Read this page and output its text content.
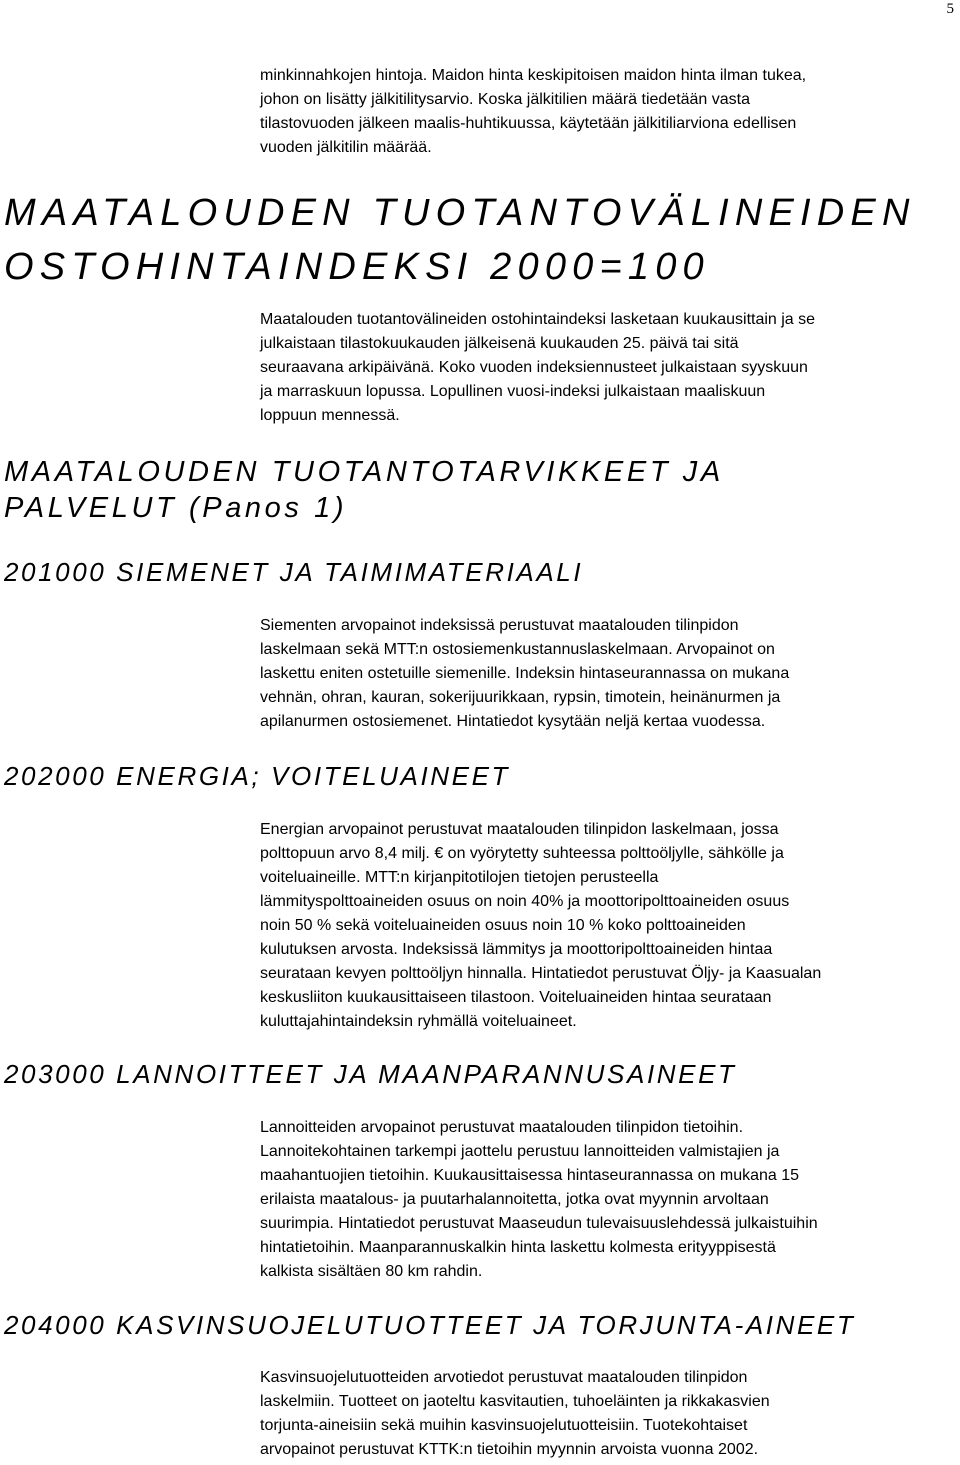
5

minkinnahkojen hintoja. Maidon hinta keskipitoisen maidon hinta ilman tukea,
johon on lisätty jälkitilitysarvio. Koska jälkitilien määrä tiedetään vasta
tilastovuoden jälkeen maalis-huhtikuussa, käytetään jälkitiliarviona edellisen
vuoden jälkitilin määrää.

MAATALOUDEN TUOTANTOVÄLINEIDEN
OSTOHINTAINDEKSI 2000=100

Maatalouden tuotantovälineiden ostohintaindeksi lasketaan kuukausittain ja se
julkaistaan tilastokuukauden jälkeisenä kuukauden 25. päivä tai sitä
seuraavana arkipäivänä. Koko vuoden indeksiennusteet julkaistaan syyskuun
ja marraskuun lopussa. Lopullinen vuosi-indeksi julkaistaan maaliskuun
loppuun mennessä.

MAATALOUDEN TUOTANTOTARVIKKEET JA
PALVELUT (Panos 1)
201000 SIEMENET JA TAIMIMATERIAALI

Siementen arvopainot indeksissä perustuvat maatalouden tilinpidon
laskelmaan sekä MTT:n ostosiemenkustannuslaskelmaan. Arvopainot on
laskettu eniten ostetuille siemenille. Indeksin hintaseurannassa on mukana
vehnän, ohran, kauran, sokerijuurikkaan, rypsin, timotein, heinänurmen ja
apilanurmen ostosiemenet. Hintatiedot kysytään neljä kertaa vuodessa.

202000 ENERGIA; VOITELUAINEET

Energian arvopainot perustuvat maatalouden tilinpidon laskelmaan, jossa
polttopuun arvo 8,4 milj. € on vyörytetty suhteessa polttoöljylle, sähkölle ja
voiteluaineille. MTT:n kirjanpitotilojen tietojen perusteella
lämmityspolttoaineiden osuus on noin 40% ja moottoripolttoaineiden osuus
noin 50 % sekä voiteluaineiden osuus noin 10 % koko polttoaineiden
kulutuksen arvosta. Indeksissä lämmitys ja moottoripolttoaineiden hintaa
seurataan kevyen polttoöljyn hinnalla. Hintatiedot perustuvat Öljy- ja Kaasualan
keskusliiton kuukausittaiseen tilastoon. Voiteluaineiden hintaa seurataan
kuluttajahintaindeksin ryhmällä voiteluaineet.

203000 LANNOITTEET JA MAANPARANNUSAINEET

Lannoitteiden arvopainot perustuvat maatalouden tilinpidon tietoihin.
Lannoitekohtainen tarkempi jaottelu perustuu lannoitteiden valmistajien ja
maahantuojien tietoihin. Kuukausittaisessa hintaseurannassa on mukana 15
erilaista maatalous- ja puutarhalannoitetta, jotka ovat myynnin arvoltaan
suurimpia. Hintatiedot perustuvat Maaseudun tulevaisuuslehdessä julkaistuihin
hintatietoihin. Maanparannuskalkin hinta laskettu kolmesta erityyppisestä
kalkista sisältäen 80 km rahdin.

204000 KASVINSUOJELUTUOTTEET JA TORJUNTA-AINEET

Kasvinsuojelutuotteiden arvotiedot perustuvat maatalouden tilinpidon
laskelmiin. Tuotteet on jaoteltu kasvitautien, tuhoeläinten ja rikkakasvien
torjunta-aineisiin sekä muihin kasvinsuojelutuotteisiin. Tuotekohtaiset
arvopainot perustuvat KTTK:n tietoihin myynnin arvoista vuonna 2002.
